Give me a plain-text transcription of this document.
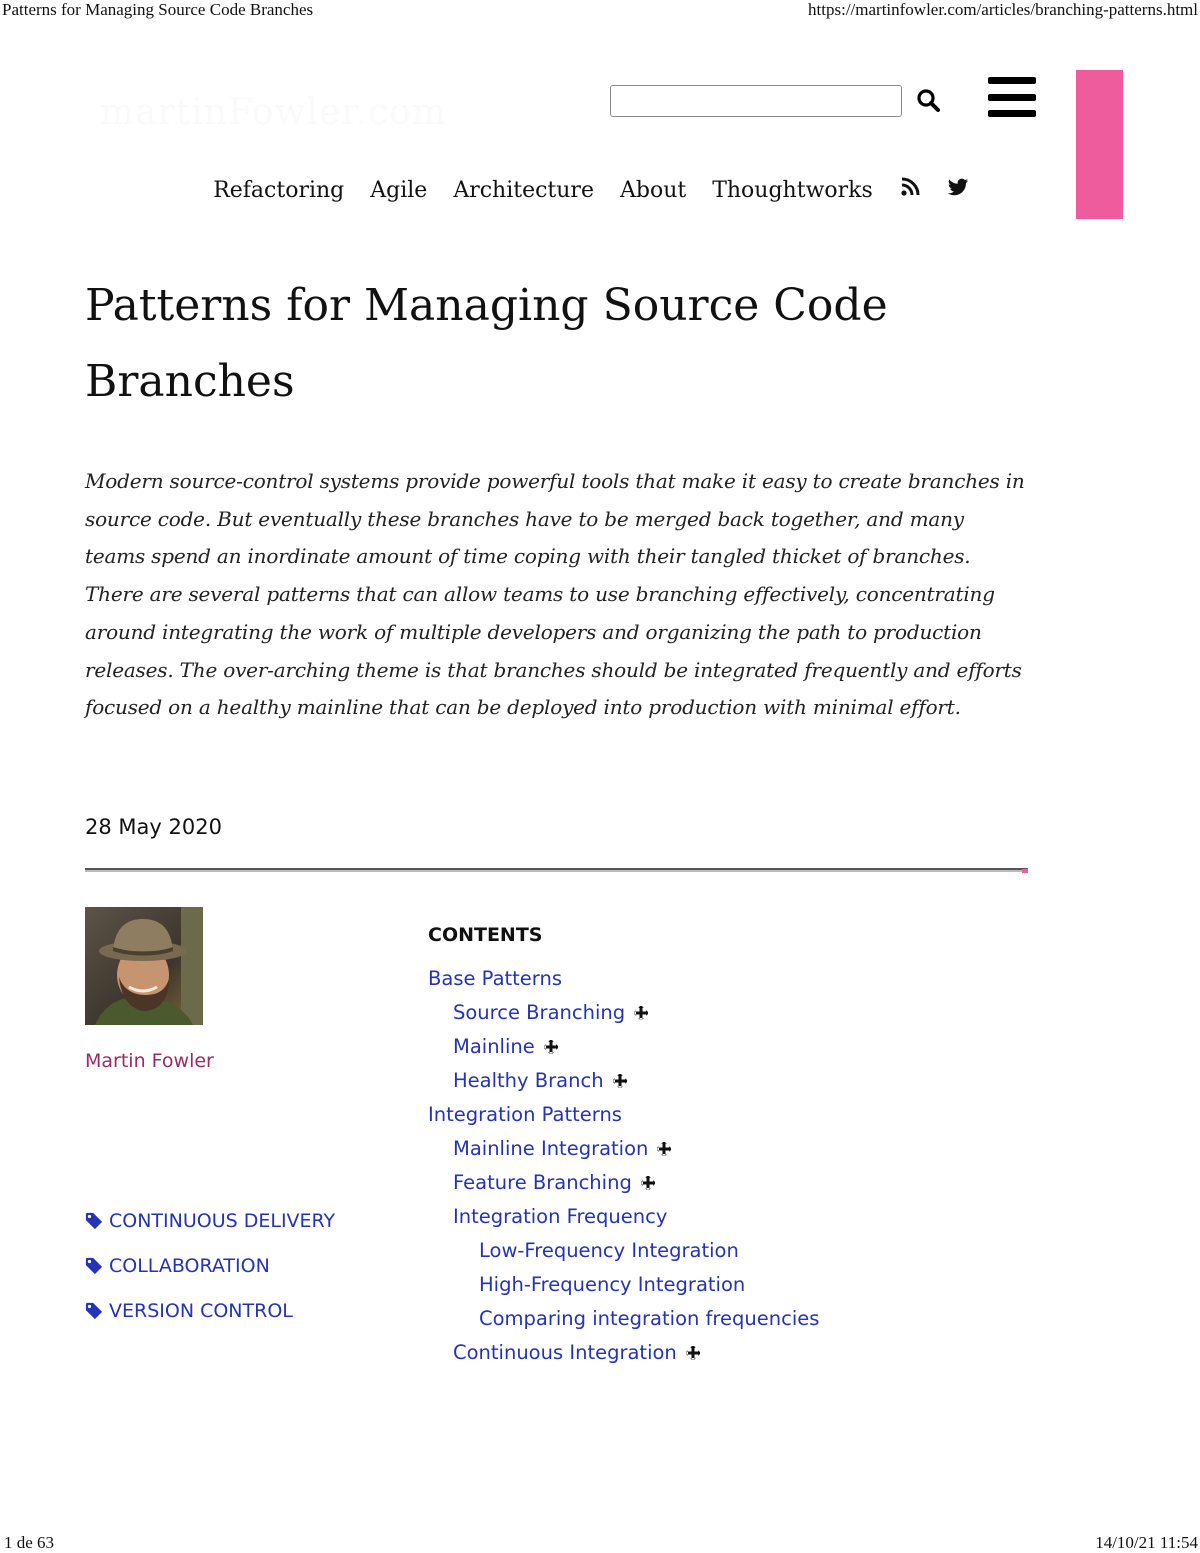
Patterns for Managing Source Code Branches	https://martinfowler.com/articles/branching-patterns.html
martinFowler.com
Refactoring Agile Architecture About Thoughtworks
Patterns for Managing Source Code Branches

Modern source-control systems provide powerful tools that make it easy to create branches in source code. But eventually these branches have to be merged back together, and many teams spend an inordinate amount of time coping with their tangled thicket of branches. There are several patterns that can allow teams to use branching effectively, concentrating around integrating the work of multiple developers and organizing the path to production releases. The over-arching theme is that branches should be integrated frequently and efforts focused on a healthy mainline that can be deployed into production with minimal effort.

28 May 2020
Martin Fowler
CONTINUOUS DELIVERY
COLLABORATION
VERSION CONTROL
CONTENTS
Base Patterns
Source Branching
Mainline
Healthy Branch
Integration Patterns
Mainline Integration
Feature Branching
Integration Frequency
Low-Frequency Integration
High-Frequency Integration
Comparing integration frequencies
Continuous Integration
1 de 63	14/10/21 11:54
